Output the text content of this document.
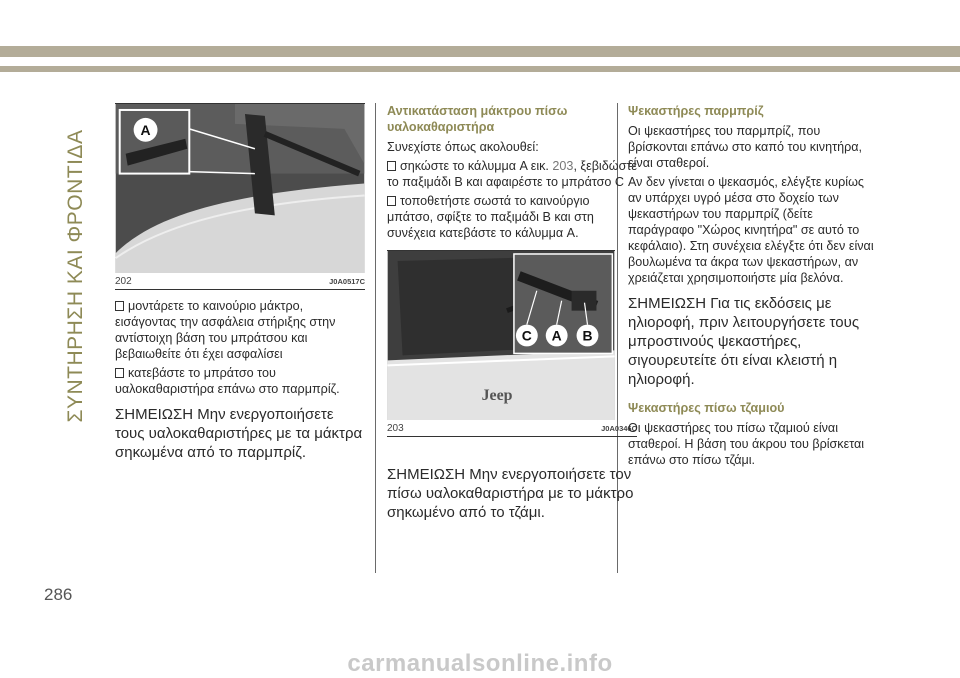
ΣΥΝΤΗΡΗΣΗ ΚΑΙ ΦΡΟΝΤΙΔΑ	A
202	J0A0517C

μοντάρετε το καινούριο μάκτρο, εισάγοντας την ασφάλεια στήριξης στην αντίστοιχη βάση του μπράτσου και βεβαιωθείτε ότι έχει ασφαλίσει

κατεβάστε το μπράτσο του υαλοκαθαριστήρα επάνω στο παρμπρίζ.

ΣΗΜΕΙΩΣΗ Μην ενεργοποιήσετε τους υαλοκαθαριστήρες με τα μάκτρα σηκωμένα από το παρμπρίζ.

Αντικατάσταση μάκτρου πίσω υαλοκαθαριστήρα

Συνεχίστε όπως ακολουθεί:

σηκώστε το κάλυμμα A εικ. 203, ξεβιδώστε το παξιμάδι B και αφαιρέστε το μπράτσο C

τοποθετήστε σωστά το καινούργιο μπάτσο, σφίξτε το παξιμάδι B και στη συνέχεια κατεβάστε το κάλυμμα A.

Jeep
C A B
203	J0A0346C

ΣΗΜΕΙΩΣΗ Μην ενεργοποιήσετε τον πίσω υαλοκαθαριστήρα με το μάκτρο σηκωμένο από το τζάμι.

Ψεκαστήρες παρμπρίζ

Οι ψεκαστήρες του παρμπρίζ, που βρίσκονται επάνω στο καπό του κινητήρα, είναι σταθεροί.

Αν δεν γίνεται ο ψεκασμός, ελέγξτε κυρίως αν υπάρχει υγρό μέσα στο δοχείο των ψεκαστήρων του παρμπρίζ (δείτε παράγραφο "Χώρος κινητήρα" σε αυτό το κεφάλαιο). Στη συνέχεια ελέγξτε ότι δεν είναι βουλωμένα τα άκρα των ψεκαστήρων, αν χρειάζεται χρησιμοποιήστε μία βελόνα.

ΣΗΜΕΙΩΣΗ Για τις εκδόσεις με ηλιοροφή, πριν λειτουργήσετε τους μπροστινούς ψεκαστήρες, σιγουρευτείτε ότι είναι κλειστή η ηλιοροφή.

Ψεκαστήρες πίσω τζαμιού

Οι ψεκαστήρες του πίσω τζαμιού είναι σταθεροί. Η βάση του άκρου του βρίσκεται επάνω στο πίσω τζάμι.

286
carmanualsonline.info
